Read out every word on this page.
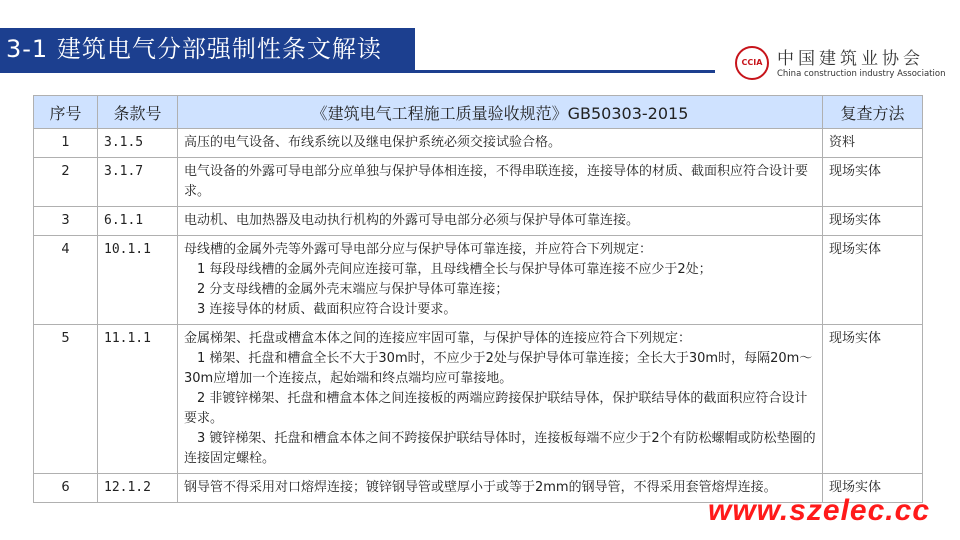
3-1 建筑电气分部强制性条文解读	CCIA 中国建筑业协会
China construction industry Association
序号	条款号	《建筑电气工程施工质量验收规范》GB50303-2015	复查方法
1	3.1.5	高压的电气设备、布线系统以及继电保护系统必须交接试验合格。	资料
2	3.1.7	电气设备的外露可导电部分应单独与保护导体相连接，不得串联连接，连接导体的材质、截面积应符合设计要求。	现场实体
3	6.1.1	电动机、电加热器及电动执行机构的外露可导电部分必须与保护导体可靠连接。	现场实体
4	10.1.1	母线槽的金属外壳等外露可导电部分应与保护导体可靠连接，并应符合下列规定：
　1 每段母线槽的金属外壳间应连接可靠，且母线槽全长与保护导体可靠连接不应少于2处；
　2 分支母线槽的金属外壳末端应与保护导体可靠连接；
　3 连接导体的材质、截面积应符合设计要求。	现场实体
5	11.1.1	金属梯架、托盘或槽盒本体之间的连接应牢固可靠，与保护导体的连接应符合下列规定：
　1 梯架、托盘和槽盒全长不大于30m时，不应少于2处与保护导体可靠连接；全长大于30m时，每隔20m～30m应增加一个连接点，起始端和终点端均应可靠接地。
　2 非镀锌梯架、托盘和槽盒本体之间连接板的两端应跨接保护联结导体，保护联结导体的截面积应符合设计要求。
　3 镀锌梯架、托盘和槽盒本体之间不跨接保护联结导体时，连接板每端不应少于2个有防松螺帽或防松垫圈的连接固定螺栓。	现场实体
6	12.1.2	钢导管不得采用对口熔焊连接；镀锌钢导管或壁厚小于或等于2mm的钢导管，不得采用套管熔焊连接。	现场实体
www.szelec.cc
